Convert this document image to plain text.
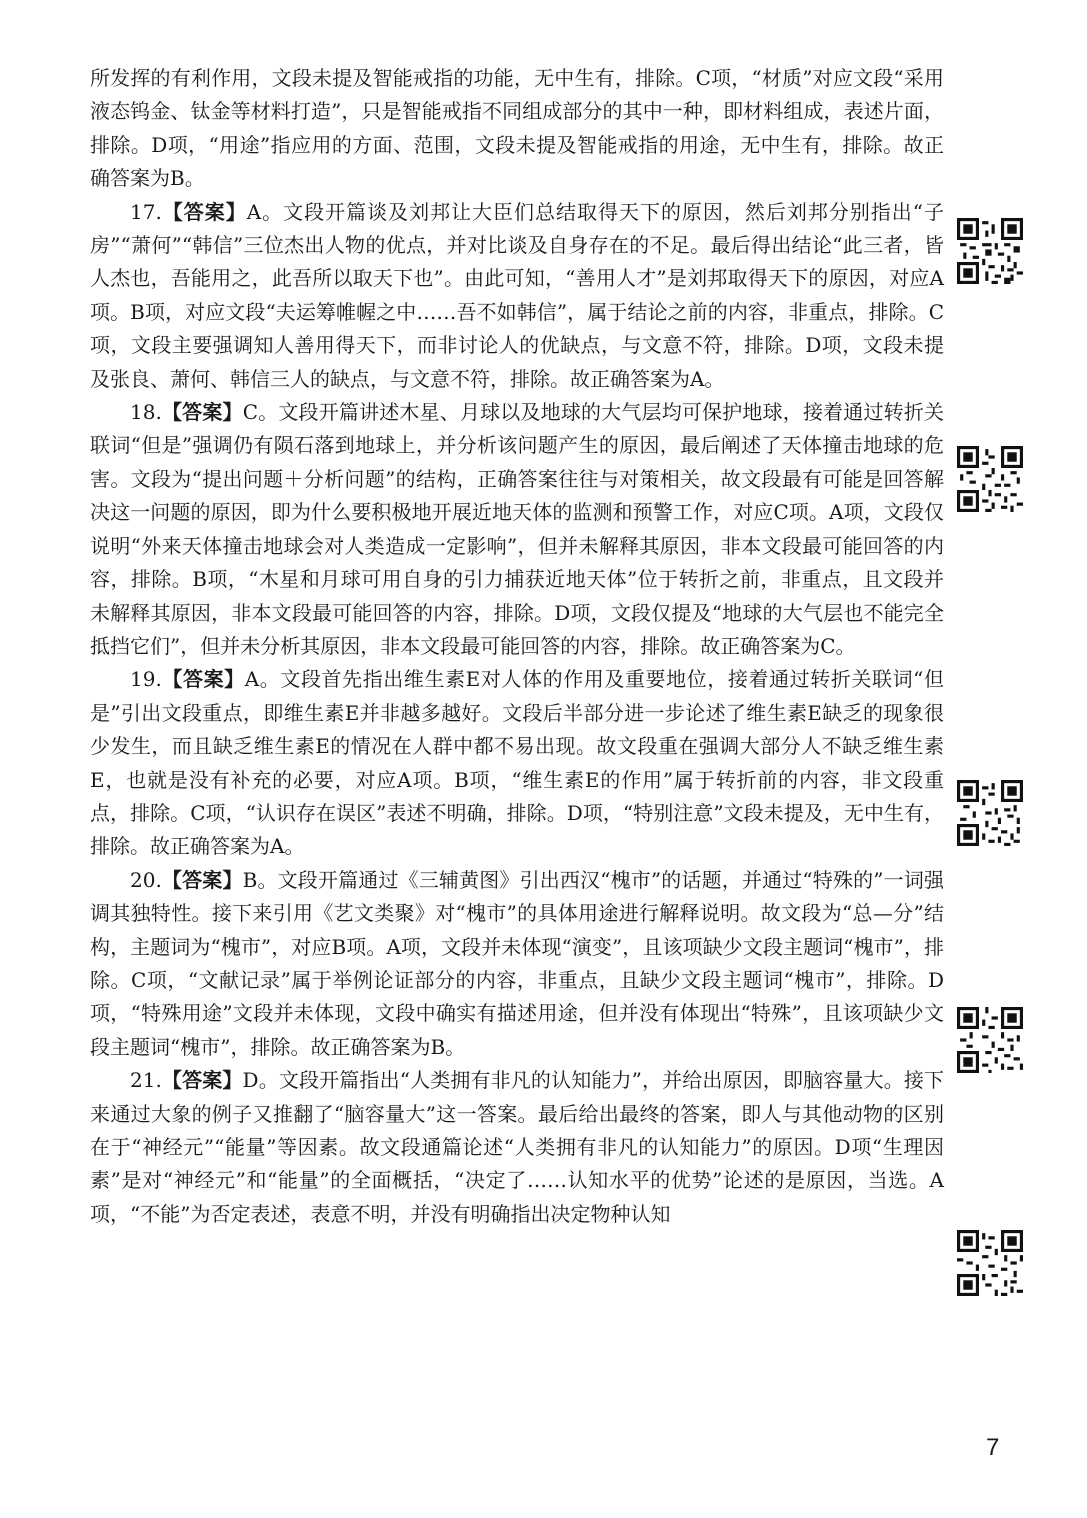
所发挥的有利作用，文段未提及智能戒指的功能，无中生有，排除。C项，“材质”对应文段“采用液态钨金、钛金等材料打造”，只是智能戒指不同组成部分的其中一种，即材料组成，表述片面，排除。D项，“用途”指应用的方面、范围，文段未提及智能戒指的用途，无中生有，排除。故正确答案为B。

17.【答案】A。文段开篇谈及刘邦让大臣们总结取得天下的原因，然后刘邦分别指出“子房”“萧何”“韩信”三位杰出人物的优点，并对比谈及自身存在的不足。最后得出结论“此三者，皆人杰也，吾能用之，此吾所以取天下也”。由此可知，“善用人才”是刘邦取得天下的原因，对应A项。B项，对应文段“夫运筹帷幄之中……吾不如韩信”，属于结论之前的内容，非重点，排除。C项，文段主要强调知人善用得天下，而非讨论人的优缺点，与文意不符，排除。D项，文段未提及张良、萧何、韩信三人的缺点，与文意不符，排除。故正确答案为A。

18.【答案】C。文段开篇讲述木星、月球以及地球的大气层均可保护地球，接着通过转折关联词“但是”强调仍有陨石落到地球上，并分析该问题产生的原因，最后阐述了天体撞击地球的危害。文段为“提出问题＋分析问题”的结构，正确答案往往与对策相关，故文段最有可能是回答解决这一问题的原因，即为什么要积极地开展近地天体的监测和预警工作，对应C项。A项，文段仅说明“外来天体撞击地球会对人类造成一定影响”，但并未解释其原因，非本文段最可能回答的内容，排除。B项，“木星和月球可用自身的引力捕获近地天体”位于转折之前，非重点，且文段并未解释其原因，非本文段最可能回答的内容，排除。D项，文段仅提及“地球的大气层也不能完全抵挡它们”，但并未分析其原因，非本文段最可能回答的内容，排除。故正确答案为C。

19.【答案】A。文段首先指出维生素E对人体的作用及重要地位，接着通过转折关联词“但是”引出文段重点，即维生素E并非越多越好。文段后半部分进一步论述了维生素E缺乏的现象很少发生，而且缺乏维生素E的情况在人群中都不易出现。故文段重在强调大部分人不缺乏维生素E，也就是没有补充的必要，对应A项。B项，“维生素E的作用”属于转折前的内容，非文段重点，排除。C项，“认识存在误区”表述不明确，排除。D项，“特别注意”文段未提及，无中生有，排除。故正确答案为A。

20.【答案】B。文段开篇通过《三辅黄图》引出西汉“槐市”的话题，并通过“特殊的”一词强调其独特性。接下来引用《艺文类聚》对“槐市”的具体用途进行解释说明。故文段为“总—分”结构，主题词为“槐市”，对应B项。A项，文段并未体现“演变”，且该项缺少文段主题词“槐市”，排除。C项，“文献记录”属于举例论证部分的内容，非重点，且缺少文段主题词“槐市”，排除。D项，“特殊用途”文段并未体现，文段中确实有描述用途，但并没有体现出“特殊”，且该项缺少文段主题词“槐市”，排除。故正确答案为B。

21.【答案】D。文段开篇指出“人类拥有非凡的认知能力”，并给出原因，即脑容量大。接下来通过大象的例子又推翻了“脑容量大”这一答案。最后给出最终的答案，即人与其他动物的区别在于“神经元”“能量”等因素。故文段通篇论述“人类拥有非凡的认知能力”的原因。D项“生理因素”是对“神经元”和“能量”的全面概括，“决定了……认知水平的优势”论述的是原因，当选。A项，“不能”为否定表述，表意不明，并没有明确指出决定物种认知

7
